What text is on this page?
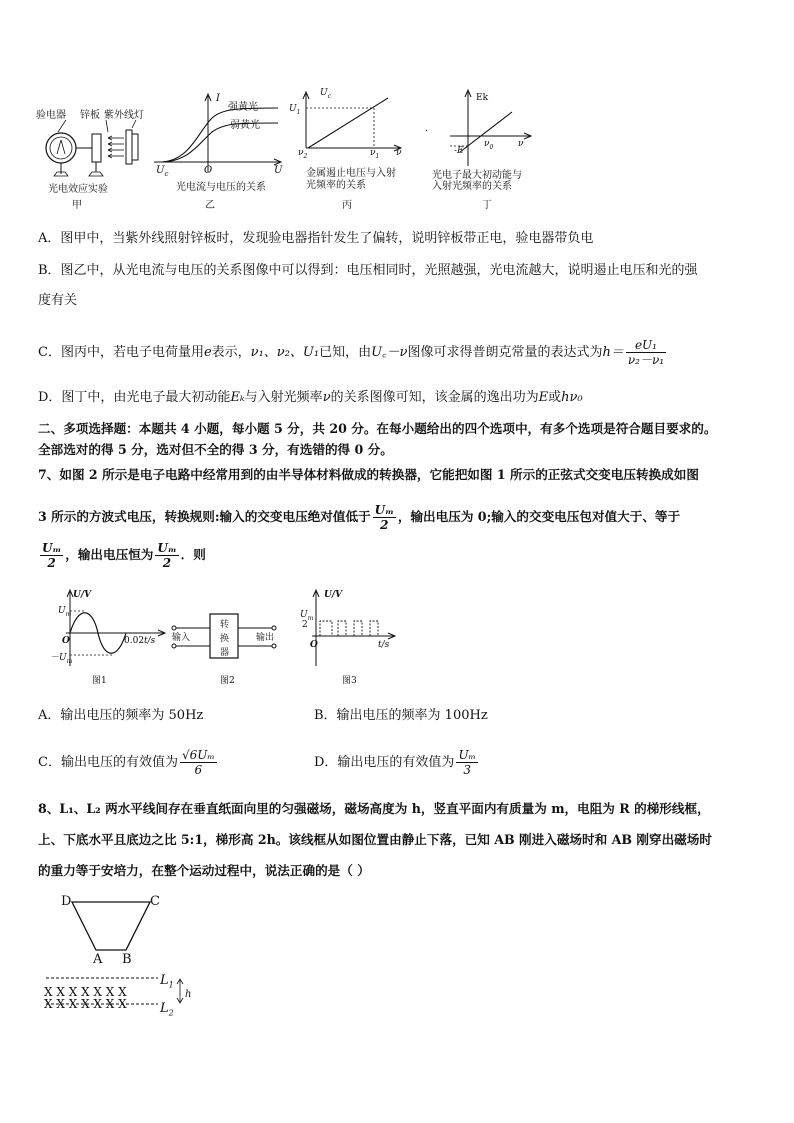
验电器 锌板 紫外线灯
光电效应实验
甲
I
强黄光
弱黄光
$U_c$	O	U
光电流与电压的关系
乙
$U_c$
$U_1$
$\nu_2$	$\nu_1$ ν
金属遏止电压与入射
光频率的关系
丙
·
Ek
-E
$\nu_0$	ν
光电子最大初动能与
入射光频率的关系
丁
A．图甲中，当紫外线照射锌板时，发现验电器指针发生了偏转，说明锌板带正电，验电器带负电
B．图乙中，从光电流与电压的关系图像中可以得到：电压相同时，光照越强，光电流越大，说明遏止电压和光的强
度有关
C．图丙中，若电子电荷量用e表示，ν₁、ν₂、U₁已知，由U꜀－ν图像可求得普朗克常量的表达式为$h= \frac{\text{eU₁}}{\text{ν₂－ν₁}}$
D．图丁中，由光电子最大初动能Eₖ与入射光频率ν的关系图像可知，该金属的逸出功为E或hν₀
二、多项选择题：本题共 4 小题，每小题 5 分，共 20 分。在每小题给出的四个选项中，有多个选项是符合题目要求的。
全部选对的得 5 分，选对但不全的得 3 分，有选错的得 0 分。
7、如图 2 所示是电子电路中经常用到的由半导体材料做成的转换器，它能把如图 1 所示的正弦式交变电压转换成如图
3 所示的方波式电压，转换规则:输入的交变电压绝对值低于 $\frac{\text{Uₘ}}{2}$ ，输出电压为 0;输入的交变电压包对值大于、等于
$\frac{\text{Uₘ}}{2}$ ，输出电压恒为 $\frac{\text{Uₘ}}{2}$ ．则
U/V
$U_m$
O
$-U_m$
0.02 t/s
图1
输入	输出
转
换
器
图2
U/V
$U_m$
2
O	t/s
图3
A．输出电压的频率为 50Hz	B．输出电压的频率为 100Hz
C．输出电压的有效值为 $\frac{\text{√6Uₘ}}{6}$	D．输出电压的有效值为 $\frac{\text{Uₘ}}{3}$
8、L₁、L₂ 两水平线间存在垂直纸面向里的匀强磁场，磁场高度为 h，竖直平面内有质量为 m，电阻为 R 的梯形线框，
上、下底水平且底边之比 5:1，梯形高 2h。该线框从如图位置由静止下落，已知 AB 刚进入磁场时和 AB 刚穿出磁场时
的重力等于安培力，在整个运动过程中，说法正确的是（ ）
D	C
A B
X X X X X X X
X X X X X X X
$L_1$
$L_2$
h
